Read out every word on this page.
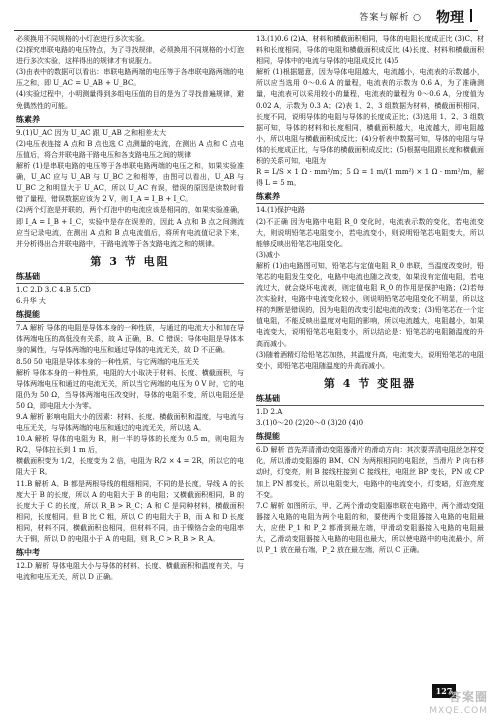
答案与解析 ○ 物理

必须换用不同规格的小灯泡进行多次实验。

(2)探究串联电路的电压特点，为了寻找规律，必须换用不同规格的小灯泡进行多次实验，这样得出的规律才有说服力。

(3)由表中的数据可以看出：串联电路两端的电压等于各串联电路两端的电压之和，即 U_AC = U_AB + U_BC。

(4)实验过程中，小明测量得到多组电压值的目的是为了寻找普遍规律，避免偶然性的可能。

练素养

9.(1)U_AC 因为 U_AC 跟 U_AB 之和相差太大

(2)电压表连接 A 点和 B 点也选 C 点测量的电流，在测出 A 点和 C 点电压值后，将合并联电路干路电压和各支路电压之间的规律

解析 (1)是串联电路的电压等于各串联电路两端的电压之和，如果实验准确，U_AC 应与 U_AB 与 U_BC 之和相等，由图可以看出，U_AB 与 U_BC 之和明显大于 U_AC，所以 U_AC 有误，错误的原因是读数时看错了量程，错误数据应该为 2 V，则 I_A = I_B + I_C。

(2)两个灯泡是并联的，两个灯泡中的电流应该是相同的，如果实验准确，即 I_A = I_B + I_C，实验中是存在误差的，因此 A 点和 B 点之间测流应当记录电流，在测出 A 点和 B 点电流值后，将所有电流值记录下来，并分析得出合并联电路中，干路电流等于各支路电流之和的规律。

第 3 节 电阻

练基础

1.C 2.D 3.C 4.B 5.CD

6.升华 大

练提能

7.A 解析 导体的电阻是导体本身的一种性质，与通过的电流大小和加在导体两端电压的高低没有关系，故 A 正确，B、C 错误；导体电阻是导体本身的属性，与导体两端的电压和通过导体的电流无关，故 D 不正确。

8.50 50 电阻是导体本身的一种性质，与它两端的电压无关

解析 导体本身的一种性质，电阻的大小取决于材料、长度、横截面积，与导体两端电压和通过的电流无关，所以当它两端的电压为 0 V 时，它的电阻仍为 50 Ω，当导体两端电压改变时，导体的电阻不变，所以电阻还是 50 Ω，即电阻大小为零。

9.A 解析 影响电阻大小的因素：材料、长度、横截面积和温度，与电流与电压无关，与导体两端的电压和通过的电流无关，所以选 A。

10.A 解析 导体的电阻为 R，则一半的导体的长度为 0.5 m，则电阻为 R/2，导体拉长到 1 m 后，

横截面积变为 1/2，长度变为 2 倍，电阻为 R/2 × 4 = 2R，所以它的电阻大于 R。

11.B 解析 A、B 都是两根导线的粗细相同，不同的是长度，导线 A 的长度大于 B 的长度，所以 A 的电阻大于 B 的电阻；又横截面积相同，B 的长度大于 C 的长度，所以 R_B > R_C；A 和 C 是同种材料，横截面积相同，长度相同，但 B 比 C 粗，所以 C 的电阻大于 B，而 A 和 D 长度相同，材料不同，横截面积也相同，但材料不同，由于镍铬合金的电阻率大于铜，所以 D 的电阻小于 A 的电阻，则 R_C > R_B > R_A。

练中考

12.D 解析 导体电阻大小与导体的材料、长度、横截面积和温度有关，与电流和电压无关，所以 D 正确。

13.(1)0.6 (2)A、材料和横截面积相同，导体的电阻长度成正比 (3)C、材料和长度相同，导体的电阻和横截面积成反比 (4)长度、材料和横截面积相同，导体中的电流与导体的电阻成反比 (4)5

解析 (1)根据题意，因为导体电阻越大，电流越小，电流表的示数越小，所以应当选用 0～0.6 A 的量程，电流表的示数为 0.6 A，为了准确测量，电流表可以采用较小的量程，电流表的量程为 0～0.6 A，分度值为 0.02 A，示数为 0.3 A；(2)表 1、2、3 组数据为材料，横截面积相同，长度不同，说明导体的电阻与导体的长度成正比；(3)选用 1、2、3 组数据可知，导体的材料和长度相同，横截面积越大，电流越大，即电阻越小，所以电阻与横截面积成反比；(4)分析表中数据可知，导体的电阻与导体的长度成正比，与导体的横截面积成反比；(5)根据电阻跟长度和横截面积的关系可知，电阻为

R = L/S × 1 Ω · mm²/m；5 Ω = 1 m/(1 mm²) × 1 Ω · mm²/m，解得 L = 5 m。

练素养

14.(1)保护电路

(2)不正确 因为电路中电阻 R_0 变化时，电流表示数的变化，若电流变大，则说明铅笔芯电阻变小，若电流变小，则说明铅笔芯电阻变大，所以能够反映出铅笔芯电阻变化。

(3)减小

解析 (1)由电路图可知，铅笔芯与定值电阻 R_0 串联，当温度改变时，铅笔芯的电阻发生变化，电路中电流也随之改变，如果没有定值电阻，若电流过大，就会烧坏电流表，则定值电阻 R_0 的作用是保护电路；(2)若每次实验时，电路中电流变化较小，则说明铅笔芯电阻变化不明显，所以这样的判断是错误的，因为电阻的改变引起电流的改变；(3)铅笔芯在一个定值电阻，不能反映出温度对电阻的影响，所以电流越大，电阻越小，如果电流变大，说明铅笔芯电阻变小，所以结论是：铅笔芯的电阻随温度的升高而减小。

(3)随着酒精灯给铅笔芯加热，其温度升高，电流变大，说明铅笔芯的电阻变小，即铅笔芯电阻随温度的升高而减小。

第 4 节 变阻器

练基础

1.D 2.A

3.(1)0～20 (2)20～0 (3)20 (4)0

练提能

6.D 解析 首先弄清滑动变阻器滑片的滑动方向：其次要弄清电阻丝怎样变化，所以滑动变阻器的 BM、CN 为两根相同的电阻丝，当滑片 P 向右移动时，灯变亮，则 B 接线柱接到 C 接线柱，电阻丝 BP 变长，PN 或 CP 加上 PN 都变长，所以电阻变大，电路中的电流变小，灯变暗，灯泡亮度不变。

7.C 解析 如图所示，甲、乙两个滑动变阻器串联在电路中，两个滑动变阻器接入电路的电阻为两个电阻的和，要使两个变阻器接入电路的电阻最大，应使 P_1 和 P_2 都滑到最左端，甲滑动变阻器接入电路的电阻最大，乙滑动变阻器接入电路的电阻也最大，所以使电路中的电流最小，所以 P_1 放在最右端，P_2 放在最左端，所以 C 正确。

127
答案圈
MXQE.COM
